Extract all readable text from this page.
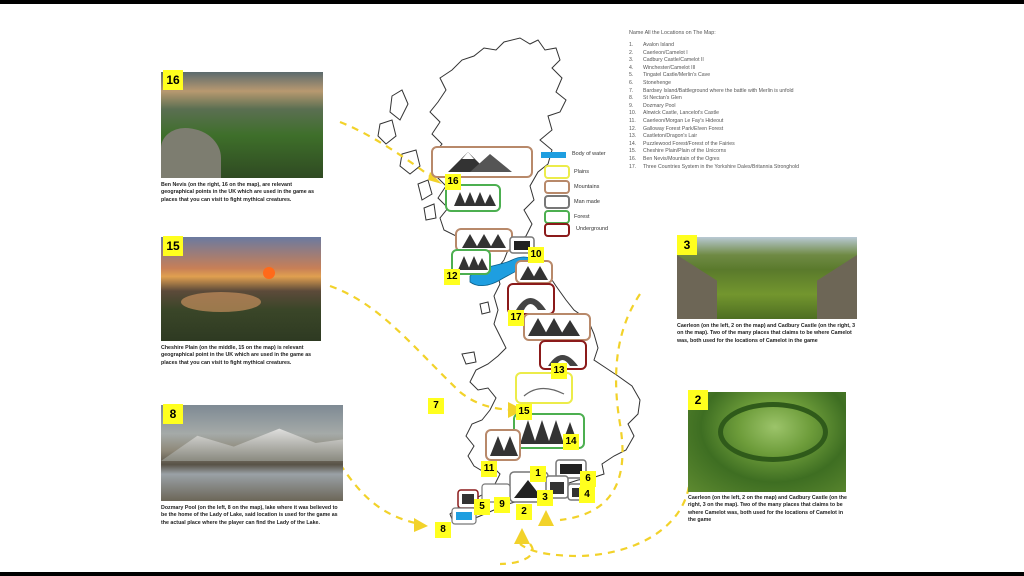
Body of water
Plains
Mountains
Man made
Forest
Underground
Name All the Locations on The Map:
1. Avalon Island
2. Caerleon/Camelot I
3. Cadbury Castle/Camelot II
4. Winchester/Camelot III
5. Tingatel Castle/Merlin's Cave
6. Stonehenge
7. Bardsey Island/Battleground where the battle with Merlin is unfold
8. St Nectan's Glen
9. Dozmary Pool
10. Alnwick Castle, Lancelot's Castle
11. Caerleon/Morgan Le Fay's Hideout
12. Galloway Forest Park/Elven Forest
13. Castleton/Dragon's Lair
14. Puzzlewood Forest/Forest of the Fairies
15. Cheshire Plain/Plain of the Unicorns
16. Ben Nevis/Mountain of the Ogres
17. Three Countries System in the Yorkshire Dales/Britannia Stronghold
16
Ben Nevis (on the right, 16 on the map), are relevant geographical points in the UK which are used in the game as places that you can visit to fight mythical creatures.
15
Cheshire Plain (on the middle, 15 on the map) is relevant geographical point in the UK which are used in the game as places that you can visit to fight mythical creatures.
8
Dozmary Pool (on the left, 8 on the map), lake where it was believed to be the home of the Lady of Lake, said location is used for the game as the actual place where the player can find the Lady of the Lake.
3
Caerleon (on the left, 2 on the map) and Cadbury Castle (on the right, 3 on the map). Two of the many places that claims to be where Camelot was, both used for the locations of Camelot in the game
2
Caerleon (on the left, 2 on the map) and Cadbury Castle (on the right, 3 on the map). Two of the many places that claims to be where Camelot was, both used for the locations of Camelot in the game
16
10
12
17
13
7
15
14
11	1	6
3	4
9
5	2
8
